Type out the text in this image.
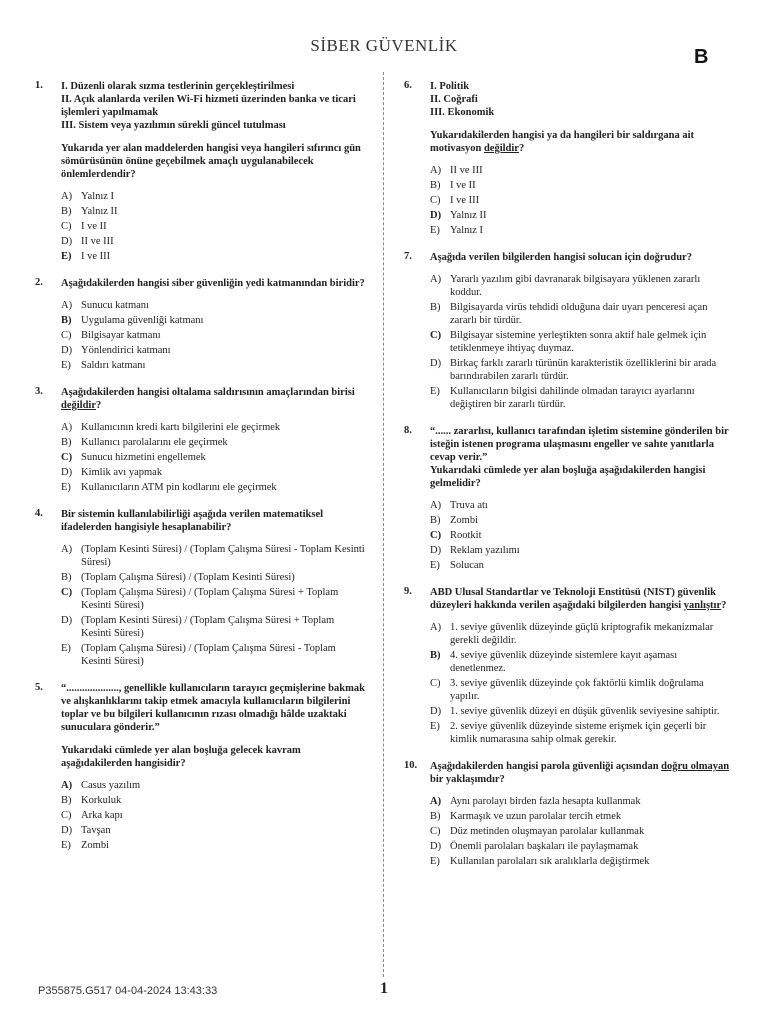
SİBER GÜVENLİK
B
1. I. Düzenli olarak sızma testlerinin gerçekleştirilmesi

II. Açık alanlarda verilen Wi-Fi hizmeti üzerinden banka ve ticari işlemleri yapılmamak

III. Sistem veya yazılımın sürekli güncel tutulması

Yukarıda yer alan maddelerden hangisi veya hangileri sıfırıncı gün sömürüsünün önüne geçebilmek amaçlı uygulanabilecek önlemlerdendir?

A) Yalnız I
B) Yalnız II
C) I ve II
D) II ve III
E) I ve III
2. Aşağıdakilerden hangisi siber güvenliğin yedi katmanından biridir?

A) Sunucu katmanı
B) Uygulama güvenliği katmanı
C) Bilgisayar katmanı
D) Yönlendirici katmanı
E) Saldırı katmanı
3. Aşağıdakilerden hangisi oltalama saldırısının amaçlarından birisi değildir?

A) Kullanıcının kredi kartı bilgilerini ele geçirmek
B) Kullanıcı parolalarını ele geçirmek
C) Sunucu hizmetini engellemek
D) Kimlik avı yapmak
E) Kullanıcıların ATM pin kodlarını ele geçirmek
4. Bir sistemin kullanılabilirliği aşağıda verilen matematiksel ifadelerden hangisiyle hesaplanabilir?

A) (Toplam Kesinti Süresi) / (Toplam Çalışma Süresi - Toplam Kesinti Süresi)
B) (Toplam Çalışma Süresi) / (Toplam Kesinti Süresi)
C) (Toplam Çalışma Süresi) / (Toplam Çalışma Süresi + Toplam Kesinti Süresi)
D) (Toplam Kesinti Süresi) / (Toplam Çalışma Süresi + Toplam Kesinti Süresi)
E) (Toplam Çalışma Süresi) / (Toplam Çalışma Süresi - Toplam Kesinti Süresi)
5. “...................., genellikle kullanıcıların tarayıcı geçmişlerine bakmak ve alışkanlıklarını takip etmek amacıyla kullanıcıların bilgilerini toplar ve bu bilgileri kullanıcının rızası olmadığı hâlde uzaktaki sunuculara gönderir.”

Yukarıdaki cümlede yer alan boşluğa gelecek kavram aşağıdakilerden hangisidir?

A) Casus yazılım
B) Korkuluk
C) Arka kapı
D) Tavşan
E) Zombi
6. I. Politik

II. Coğrafi

III. Ekonomik

Yukarıdakilerden hangisi ya da hangileri bir saldırgana ait motivasyon değildir?

A) II ve III
B) I ve II
C) I ve III
D) Yalnız II
E) Yalnız I
7. Aşağıda verilen bilgilerden hangisi solucan için doğrudur?

A) Yararlı yazılım gibi davranarak bilgisayara yüklenen zararlı koddur.
B) Bilgisayarda virüs tehdidi olduğuna dair uyarı penceresi açan zararlı bir türdür.
C) Bilgisayar sistemine yerleştikten sonra aktif hale gelmek için tetiklenmeye ihtiyaç duymaz.
D) Birkaç farklı zararlı türünün karakteristik özelliklerini bir arada barındırabilen zararlı türdür.
E) Kullanıcıların bilgisi dahilinde olmadan tarayıcı ayarlarını değiştiren bir zararlı türdür.
8. “...... zararlısı, kullanıcı tarafından işletim sistemine gönderilen bir isteğin istenen programa ulaşmasını engeller ve sahte yanıtlarla cevap verir.”

Yukarıdaki cümlede yer alan boşluğa aşağıdakilerden hangisi gelmelidir?

A) Truva atı
B) Zombi
C) Rootkit
D) Reklam yazılımı
E) Solucan
9. ABD Ulusal Standartlar ve Teknoloji Enstitüsü (NIST) güvenlik düzeyleri hakkında verilen aşağıdaki bilgilerden hangisi yanlıştır?

A) 1. seviye güvenlik düzeyinde güçlü kriptografik mekanizmalar gerekli değildir.
B) 4. seviye güvenlik düzeyinde sistemlere kayıt aşaması denetlenmez.
C) 3. seviye güvenlik düzeyinde çok faktörlü kimlik doğrulama yapılır.
D) 1. seviye güvenlik düzeyi en düşük güvenlik seviyesine sahiptir.
E) 2. seviye güvenlik düzeyinde sisteme erişmek için geçerli bir kimlik numarasına sahip olmak gerekir.
10. Aşağıdakilerden hangisi parola güvenliği açısından doğru olmayan bir yaklaşımdır?

A) Aynı parolayı birden fazla hesapta kullanmak
B) Karmaşık ve uzun parolalar tercih etmek
C) Düz metinden oluşmayan parolalar kullanmak
D) Önemli parolaları başkaları ile paylaşmamak
E) Kullanılan parolaları sık aralıklarla değiştirmek
P355875.G517 04-04-2024 13:43:33	1
